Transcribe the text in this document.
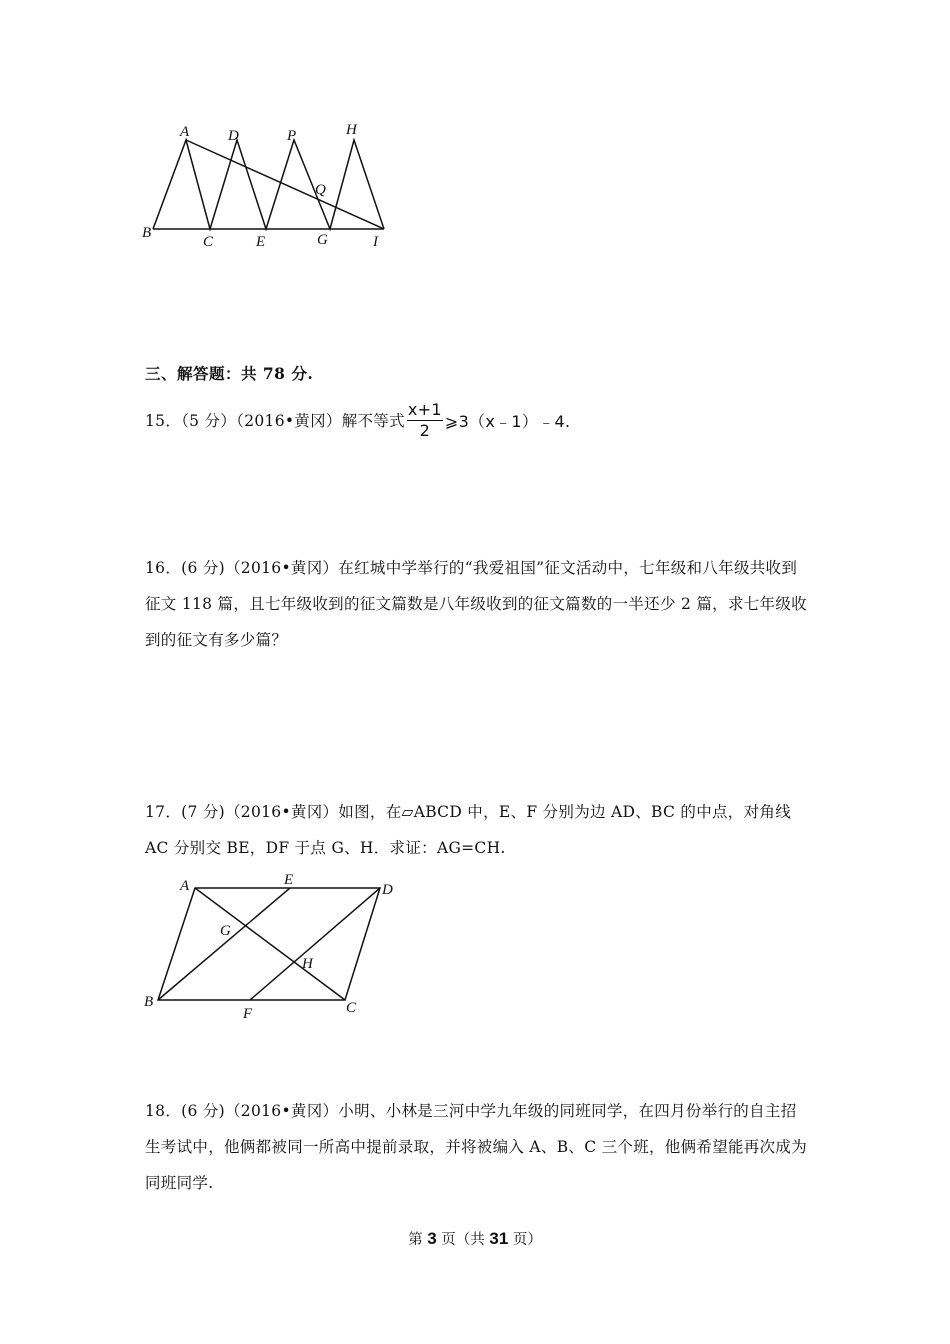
A	D	P	H
Q
B
C	E	G	I
三、解答题：共 78 分.
15．（5 分）（2016•黄冈）解不等式 $\frac{x+1}{2}$ ⩾3（x﹣1）﹣4.
16．(6 分)（2016•黄冈）在红城中学举行的“我爱祖国”征文活动中，七年级和八年级共收到征文 118 篇，且七年级收到的征文篇数是八年级收到的征文篇数的一半还少 2 篇，求七年级收到的征文有多少篇？
17．(7 分)（2016•黄冈）如图，在▱ABCD 中，E、F 分别为边 AD、BC 的中点，对角线 AC 分别交 BE，DF 于点 G、H．求证：AG=CH.
A	E
D
G
H
B
F	C
18．(6 分)（2016•黄冈）小明、小林是三河中学九年级的同班同学，在四月份举行的自主招生考试中，他俩都被同一所高中提前录取，并将被编入 A、B、C 三个班，他俩希望能再次成为同班同学.
第 3 页（共 31 页）
